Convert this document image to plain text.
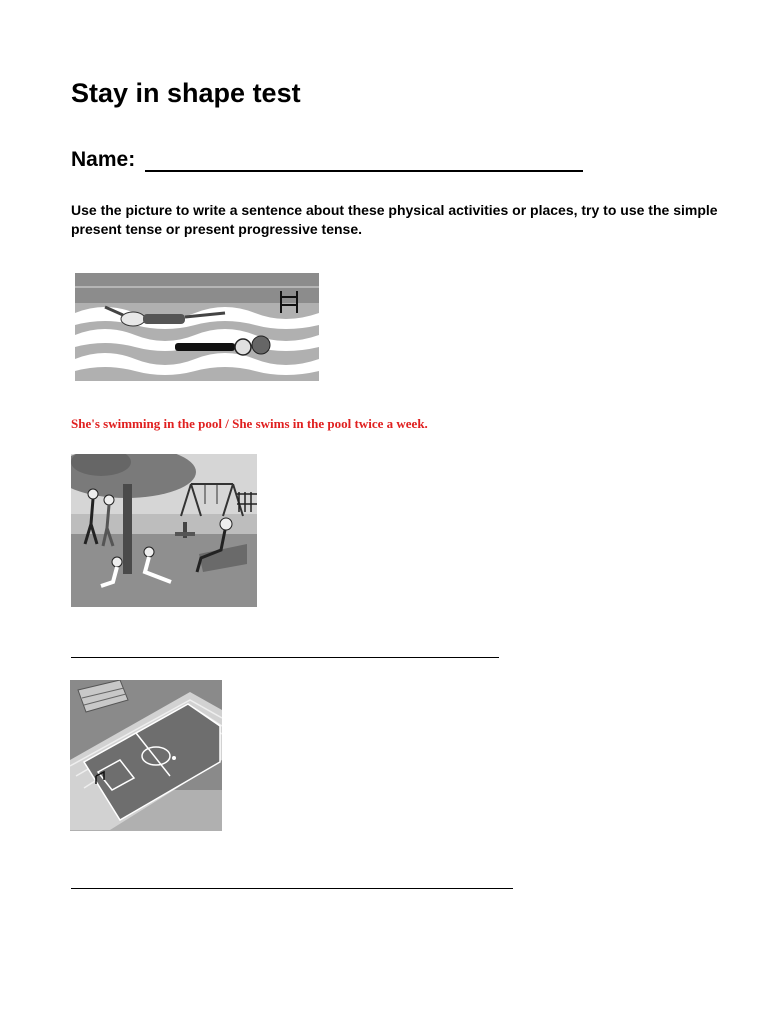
Stay in shape test
Name:
Use the picture to write a sentence about these physical activities or places, try to use the simple present tense or present progressive tense.
She's swimming in the pool / She swims in the pool twice a week.
